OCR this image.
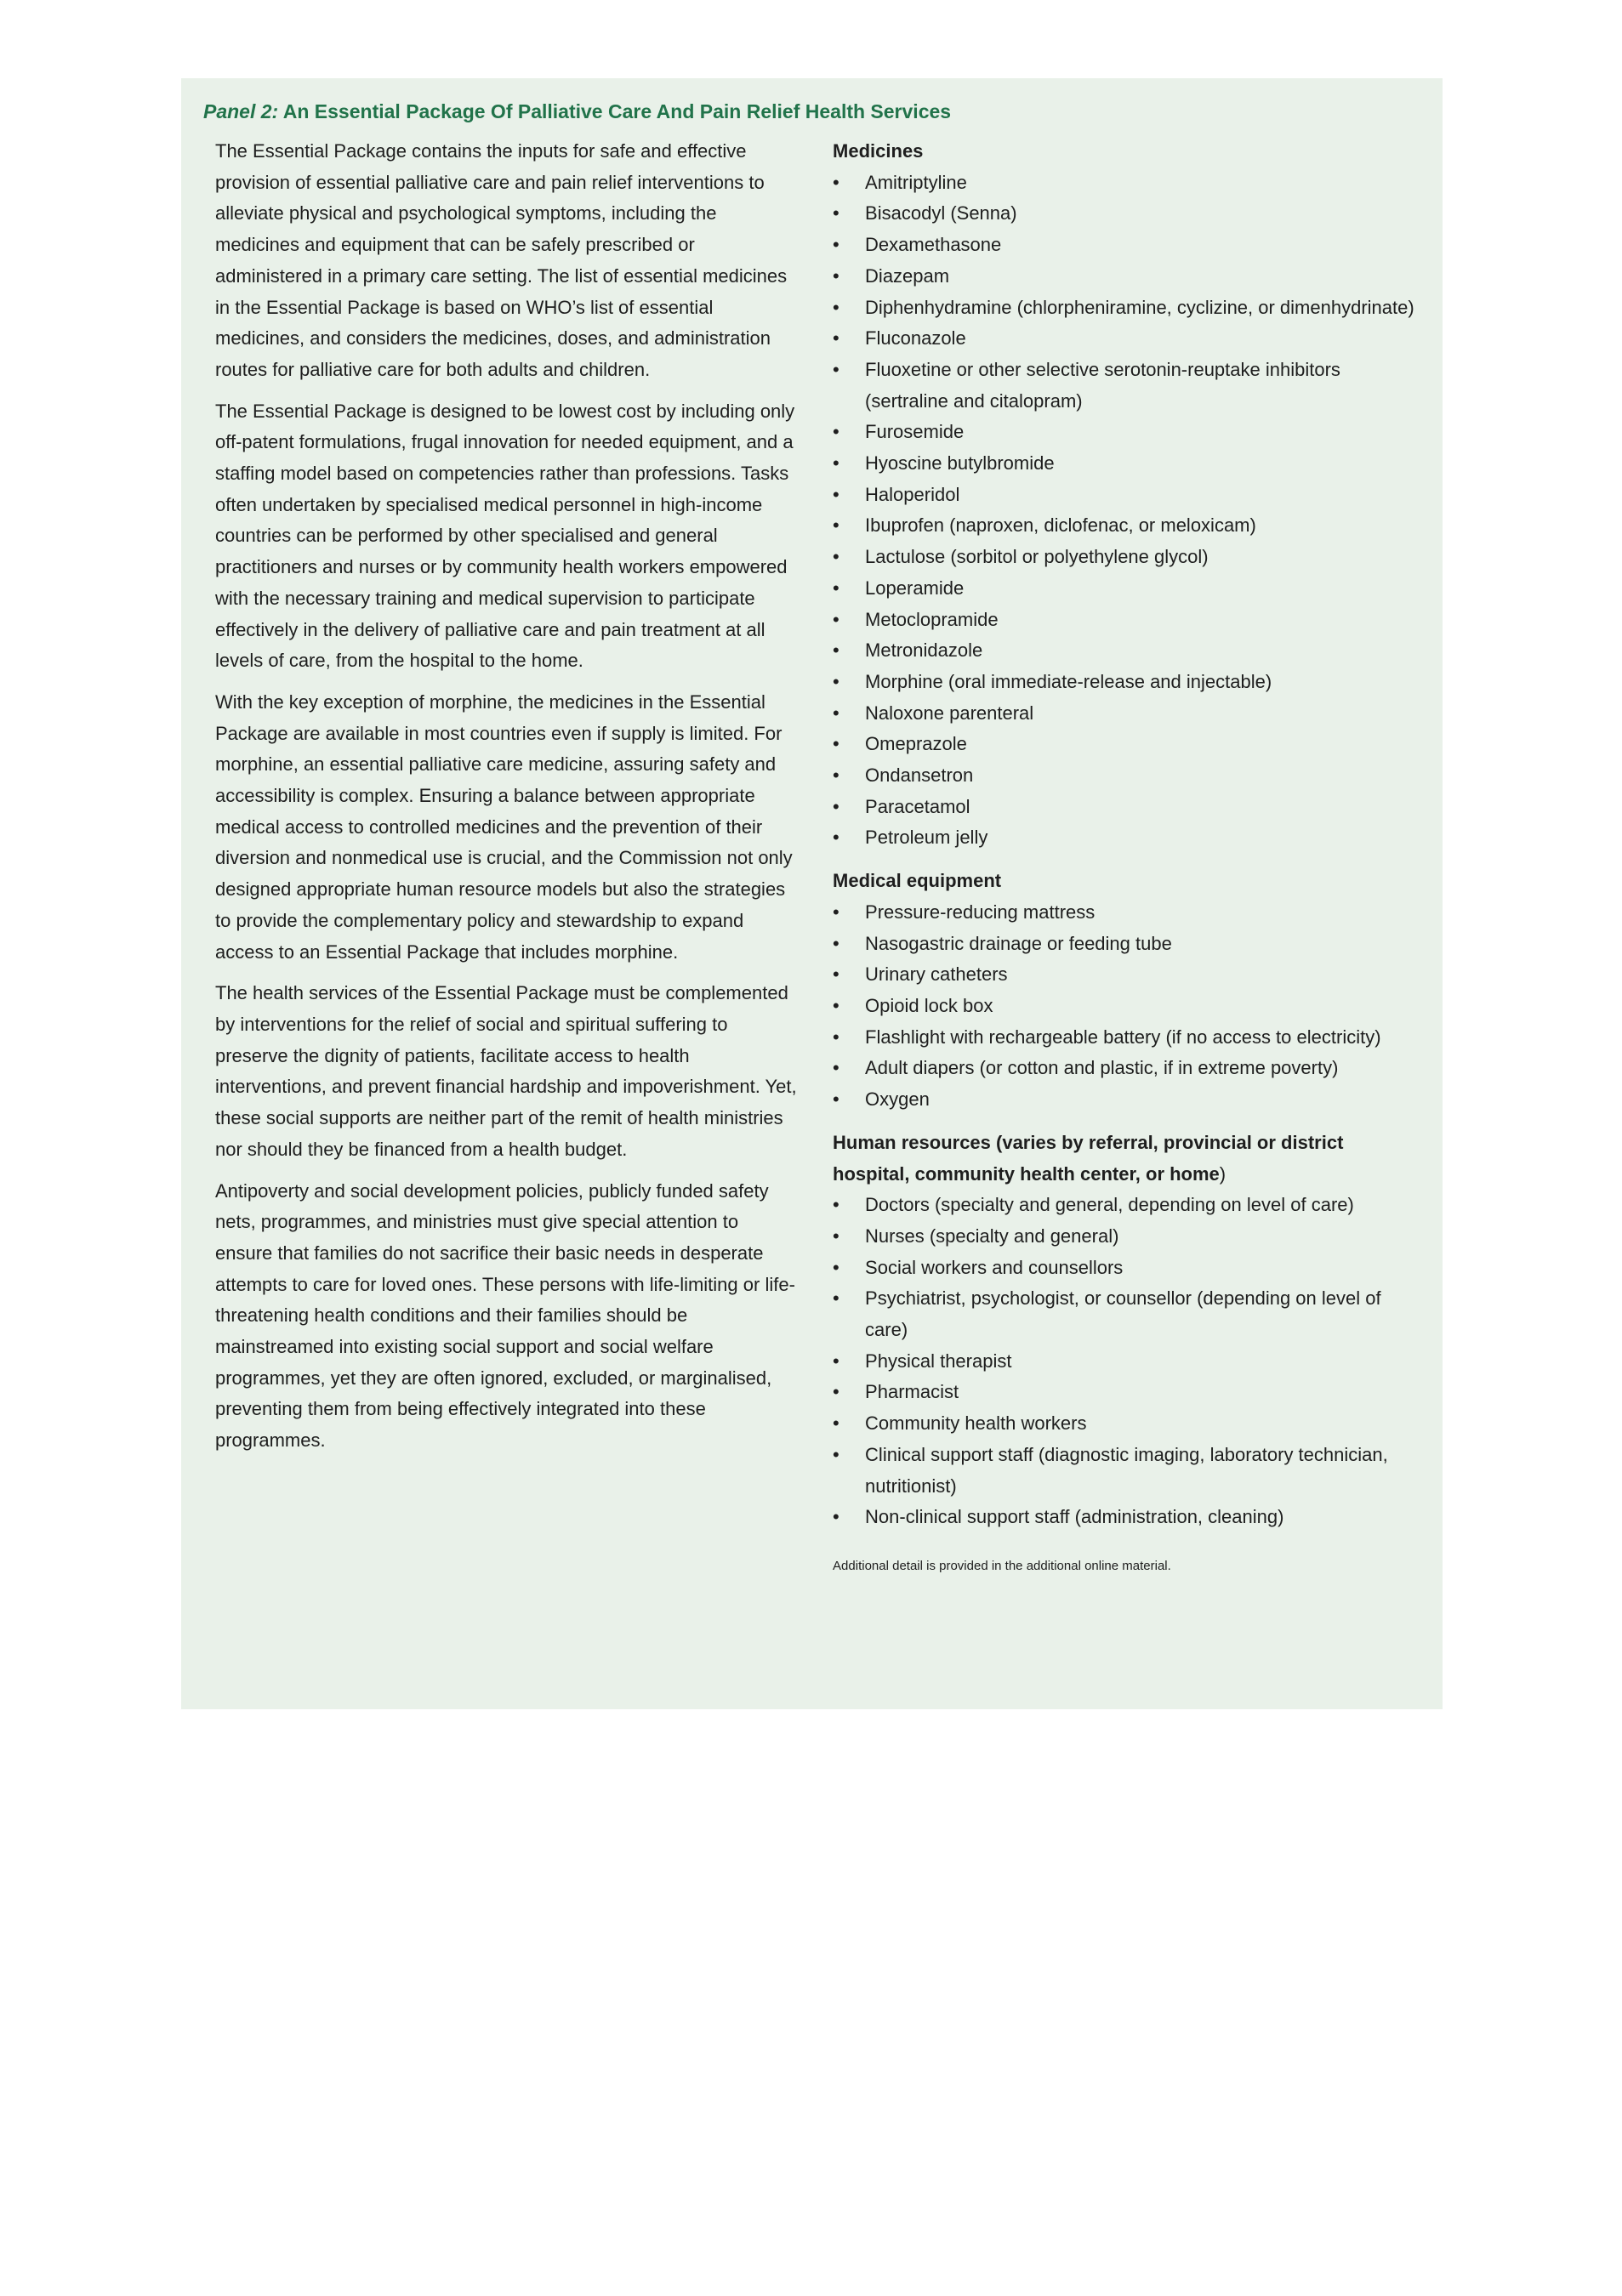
Panel 2: An Essential Package Of Palliative Care And Pain Relief Health Services

The Essential Package contains the inputs for safe and effective provision of essential palliative care and pain relief interventions to alleviate physical and psychological symptoms, including the medicines and equipment that can be safely prescribed or administered in a primary care setting. The list of essential medicines in the Essential Package is based on WHO’s list of essential medicines, and considers the medicines, doses, and administration routes for palliative care for both adults and children.

The Essential Package is designed to be lowest cost by including only off-patent formulations, frugal innovation for needed equipment, and a staffing model based on competencies rather than professions. Tasks often undertaken by specialised medical personnel in high-income countries can be performed by other specialised and general practitioners and nurses or by community health workers empowered with the necessary training and medical supervision to participate effectively in the delivery of palliative care and pain treatment at all levels of care, from the hospital to the home.

With the key exception of morphine, the medicines in the Essential Package are available in most countries even if supply is limited. For morphine, an essential palliative care medicine, assuring safety and accessibility is complex. Ensuring a balance between appropriate medical access to controlled medicines and the prevention of their diversion and nonmedical use is crucial, and the Commission not only designed appropriate human resource models but also the strategies to provide the complementary policy and stewardship to expand access to an Essential Package that includes morphine.

The health services of the Essential Package must be complemented by interventions for the relief of social and spiritual suffering to preserve the dignity of patients, facilitate access to health interventions, and prevent financial hardship and impoverishment. Yet, these social supports are neither part of the remit of health ministries nor should they be financed from a health budget.

Antipoverty and social development policies, publicly funded safety nets, programmes, and ministries must give special attention to ensure that families do not sacrifice their basic needs in desperate attempts to care for loved ones. These persons with life-limiting or life-threatening health conditions and their families should be mainstreamed into existing social support and social welfare programmes, yet they are often ignored, excluded, or marginalised, preventing them from being effectively integrated into these programmes.

Medicines
• Amitriptyline
• Bisacodyl (Senna)
• Dexamethasone
• Diazepam
• Diphenhydramine (chlorpheniramine, cyclizine, or dimenhydrinate)
• Fluconazole
• Fluoxetine or other selective serotonin-reuptake inhibitors (sertraline and citalopram)
• Furosemide
• Hyoscine butylbromide
• Haloperidol
• Ibuprofen (naproxen, diclofenac, or meloxicam)
• Lactulose (sorbitol or polyethylene glycol)
• Loperamide
• Metoclopramide
• Metronidazole
• Morphine (oral immediate-release and injectable)
• Naloxone parenteral
• Omeprazole
• Ondansetron
• Paracetamol
• Petroleum jelly
Medical equipment
• Pressure-reducing mattress
• Nasogastric drainage or feeding tube
• Urinary catheters
• Opioid lock box
• Flashlight with rechargeable battery (if no access to electricity)
• Adult diapers (or cotton and plastic, if in extreme poverty)
• Oxygen
Human resources (varies by referral, provincial or district hospital, community health center, or home)
• Doctors (specialty and general, depending on level of care)
• Nurses (specialty and general)
• Social workers and counsellors
• Psychiatrist, psychologist, or counsellor (depending on level of care)
• Physical therapist
• Pharmacist
• Community health workers
• Clinical support staff (diagnostic imaging, laboratory technician, nutritionist)
• Non-clinical support staff (administration, cleaning)
Additional detail is provided in the additional online material.
